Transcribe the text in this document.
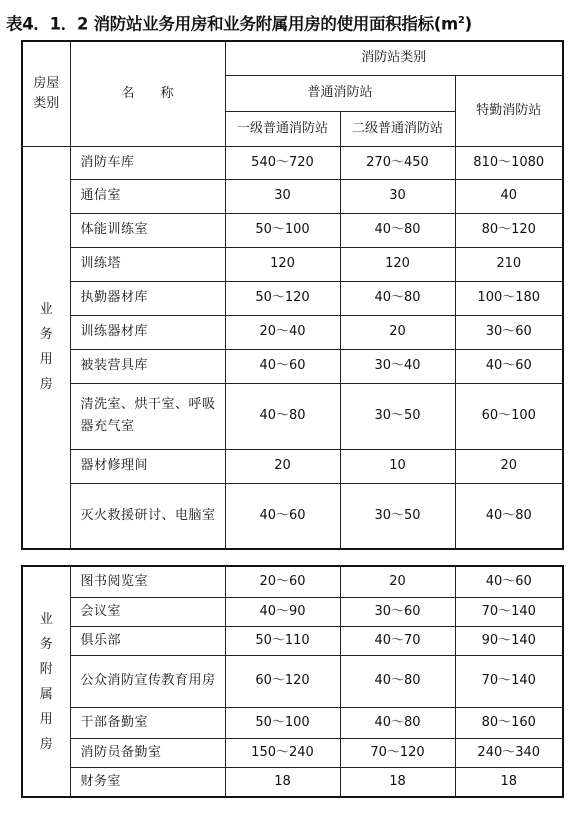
表4．1．2 消防站业务用房和业务附属用房的使用面积指标$(m^2)$
房屋类别	名　　称	消防站类别		
		普通消防站		特勤消防站
		一级普通消防站	二级普通消防站	
业务用房	消防车库	540～720	270～450	810～1080
	通信室	30	30	40
	体能训练室	50～100	40～80	80～120
	训练塔	120	120	210
	执勤器材库	50～120	40～80	100～180
	训练器材库	20～40	20	30～60
	被装营具库	40～60	30～40	40～60
	清洗室、烘干室、呼吸器充气室	40～80	30～50	60～100
	器材修理间	20	10	20
	灭火救援研讨、电脑室	40～60	30～50	40～80
业务附属用房	图书阅览室	20～60	20	40～60
	会议室	40～90	30～60	70～140
	俱乐部	50～110	40～70	90～140
	公众消防宣传教育用房	60～120	40～80	70～140
	干部备勤室	50～100	40～80	80～160
	消防员备勤室	150～240	70～120	240～340
	财务室	18	18	18
